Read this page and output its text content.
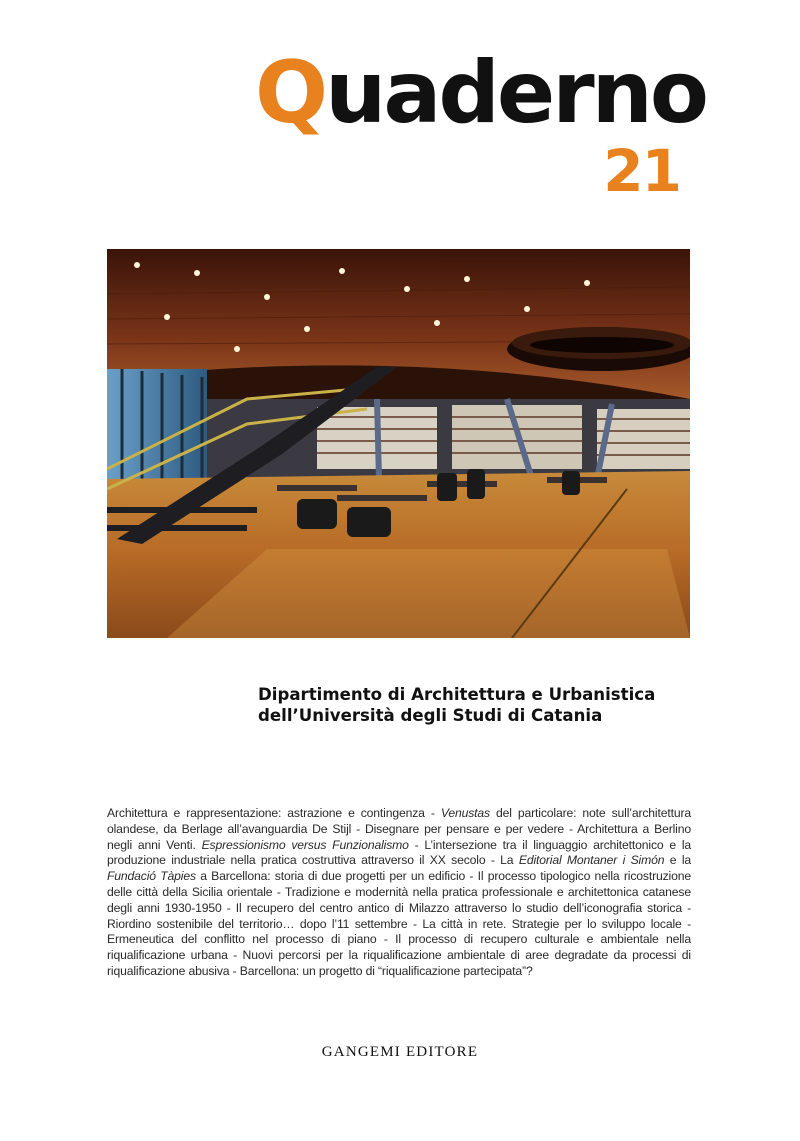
Quaderno
21
Dipartimento di Architettura e Urbanistica
dell’Università degli Studi di Catania
Architettura e rappresentazione: astrazione e contingenza - Venustas del particolare: note sull’architettura olandese, da Berlage all’avanguardia De Stijl - Disegnare per pensare e per vedere - Architettura a Berlino negli anni Venti. Espressionismo versus Funzionalismo - L’intersezione tra il linguaggio architettonico e la produzione industriale nella pratica costruttiva attraverso il XX secolo - La Editorial Montaner i Simón e la Fundació Tàpies a Barcellona: storia di due progetti per un edificio - Il processo tipologico nella ricostruzione delle città della Sicilia orientale - Tradizione e modernità nella pratica professionale e architettonica catanese degli anni 1930-1950 - Il recupero del centro antico di Milazzo attraverso lo studio dell’iconografia storica - Riordino sostenibile del territorio… dopo l’11 settembre - La città in rete. Strategie per lo sviluppo locale - Ermeneutica del conflitto nel processo di piano - Il processo di recupero culturale e ambientale nella riqualificazione urbana - Nuovi percorsi per la riqualificazione ambientale di aree degradate da processi di riqualificazione abusiva - Barcellona: un progetto di “riqualificazione partecipata”?
GANGEMI EDITORE
